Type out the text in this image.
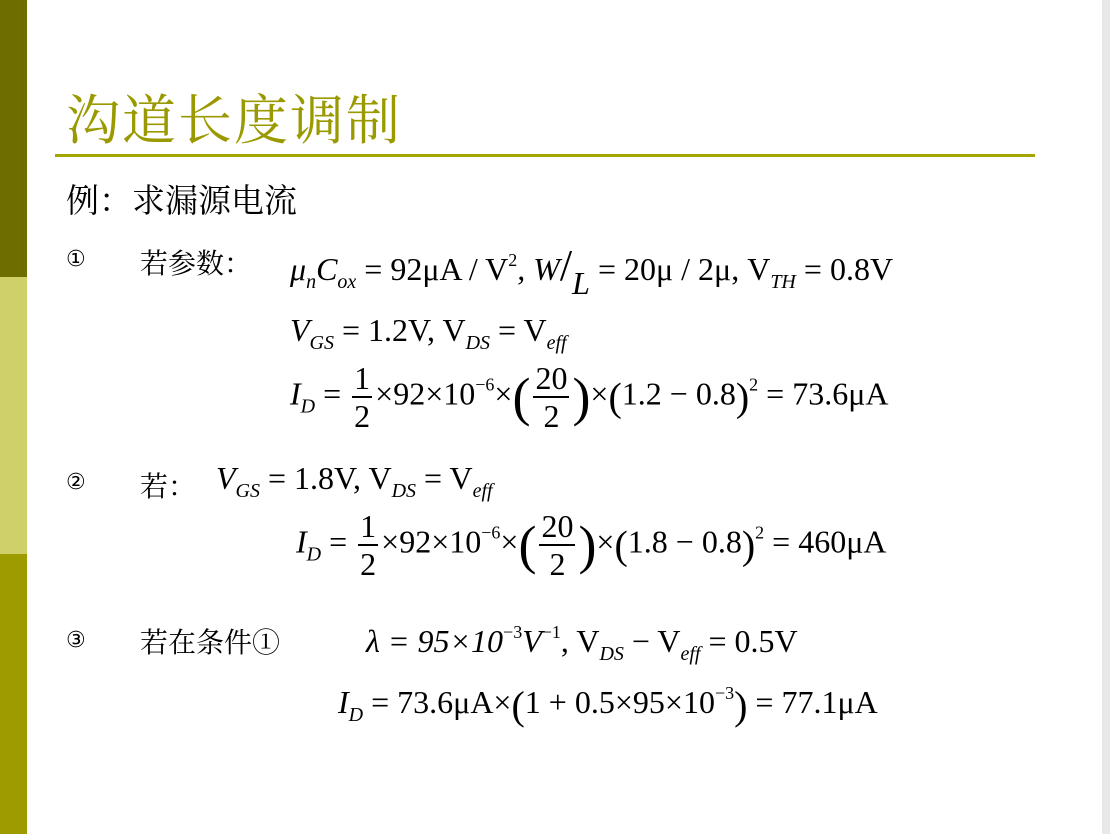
沟道长度调制
例：求漏源电流
① 若参数： $\mu_nC_{ox} = 92\mu A / V^2$, W/L = 20μ / 2μ, $V_{TH} = 0.8V$
$V_{GS} = 1.2V$, $V_{DS} = V_{eff}$
$I_D = \frac{1}{2} \times 92\times 10^{-6}\times( \frac{20}{2} )\times(1.2 - 0.8)^2 = 73.6\mu A$
② 若： $V_{GS} = 1.8V$, $V_{DS} = V_{eff}$
$I_D = \frac{1}{2} \times 92\times 10^{-6}\times( \frac{20}{2} )\times(1.8 - 0.8)^2 = 460\mu A$
③ 若在条件①	$\lambda = 95\times 10^{-3}V^{-1}$, $V_{DS} - V_{eff} = 0.5V$
$I_D = 73.6\mu A\times(1 + 0.5\times 95\times 10^{-3}) = 77.1\mu A$
